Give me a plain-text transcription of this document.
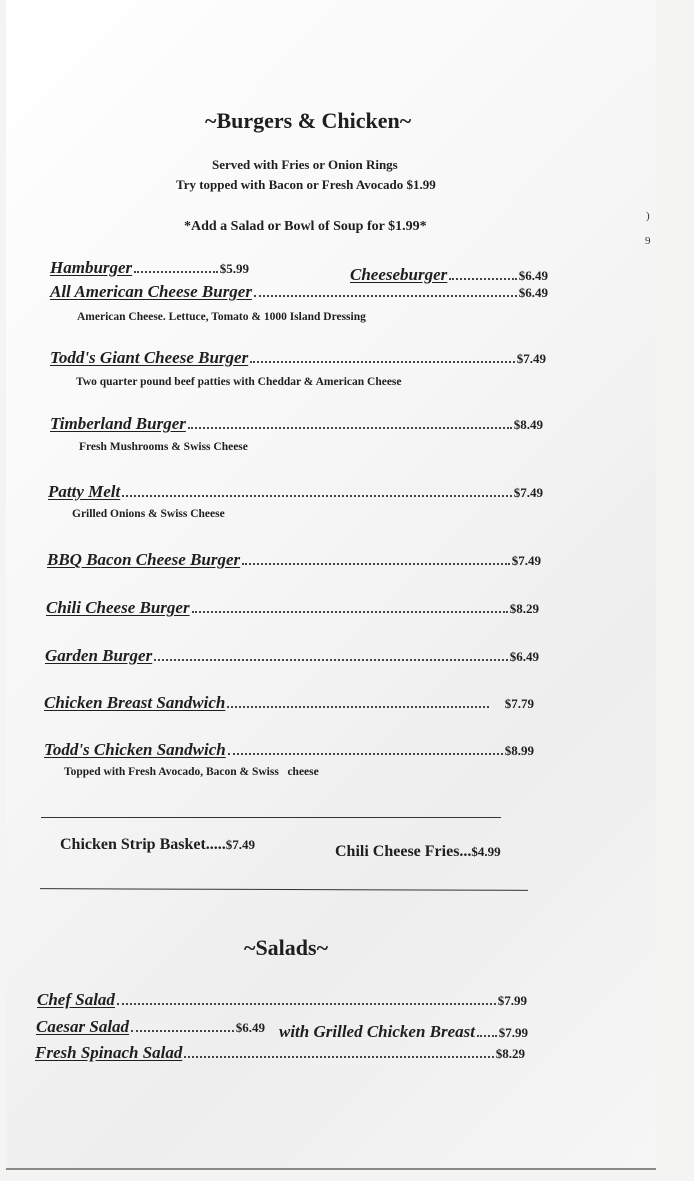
~Burgers & Chicken~
Served with Fries or Onion Rings
Try topped with Bacon or Fresh Avocado $1.99
*Add a Salad or Bowl of Soup for $1.99*
Hamburger	$5.99	Cheeseburger	$6.49
All American Cheese Burger	$6.49
American Cheese. Lettuce, Tomato & 1000 Island Dressing
Todd's Giant Cheese Burger	$7.49
Two quarter pound beef patties with Cheddar & American Cheese
Timberland Burger	$8.49
Fresh Mushrooms & Swiss Cheese
Patty Melt	$7.49
Grilled Onions & Swiss Cheese
BBQ Bacon Cheese Burger	$7.49
Chili Cheese Burger	$8.29
Garden Burger	$6.49
Chicken Breast Sandwich	$7.79
Todd's Chicken Sandwich	$8.99
Topped with Fresh Avocado, Bacon & Swiss   cheese
Chicken Strip Basket.....$7.49	Chili Cheese Fries...$4.99
~Salads~
Chef Salad	$7.99
Caesar Salad	$6.49 with Grilled Chicken Breast $7.99
Fresh Spinach Salad	$8.29
)
9
